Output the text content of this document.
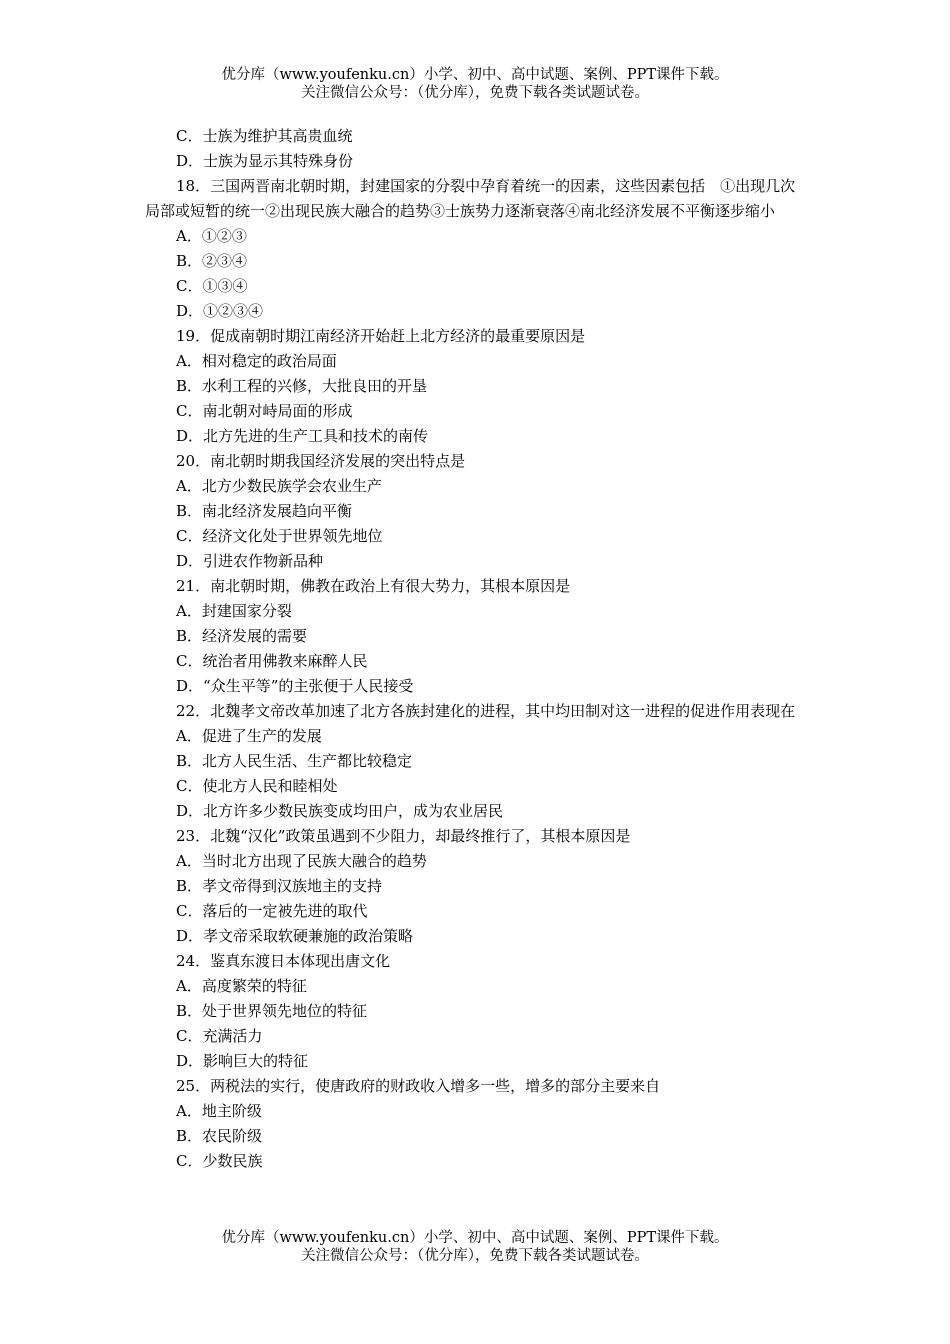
优分库（www.youfenku.cn）小学、初中、高中试题、案例、PPT课件下载。
关注微信公众号：（优分库），免费下载各类试题试卷。
C．士族为维护其高贵血统
D．士族为显示其特殊身份
18．三国两晋南北朝时期，封建国家的分裂中孕育着统一的因素，这些因素包括　①出现几次局部或短暂的统一②出现民族大融合的趋势③士族势力逐渐衰落④南北经济发展不平衡逐步缩小
A．①②③
B．②③④
C．①③④
D．①②③④
19．促成南朝时期江南经济开始赶上北方经济的最重要原因是
A．相对稳定的政治局面
B．水利工程的兴修，大批良田的开垦
C．南北朝对峙局面的形成
D．北方先进的生产工具和技术的南传
20．南北朝时期我国经济发展的突出特点是
A．北方少数民族学会农业生产
B．南北经济发展趋向平衡
C．经济文化处于世界领先地位
D．引进农作物新品种
21．南北朝时期，佛教在政治上有很大势力，其根本原因是
A．封建国家分裂
B．经济发展的需要
C．统治者用佛教来麻醉人民
D．“众生平等”的主张便于人民接受
22．北魏孝文帝改革加速了北方各族封建化的进程，其中均田制对这一进程的促进作用表现在
A．促进了生产的发展
B．北方人民生活、生产都比较稳定
C．使北方人民和睦相处
D．北方许多少数民族变成均田户，成为农业居民
23．北魏“汉化”政策虽遇到不少阻力，却最终推行了，其根本原因是
A．当时北方出现了民族大融合的趋势
B．孝文帝得到汉族地主的支持
C．落后的一定被先进的取代
D．孝文帝采取软硬兼施的政治策略
24．鉴真东渡日本体现出唐文化
A．高度繁荣的特征
B．处于世界领先地位的特征
C．充满活力
D．影响巨大的特征
25．两税法的实行，使唐政府的财政收入增多一些，增多的部分主要来自
A．地主阶级
B．农民阶级
C．少数民族
优分库（www.youfenku.cn）小学、初中、高中试题、案例、PPT课件下载。
关注微信公众号：（优分库），免费下载各类试题试卷。
